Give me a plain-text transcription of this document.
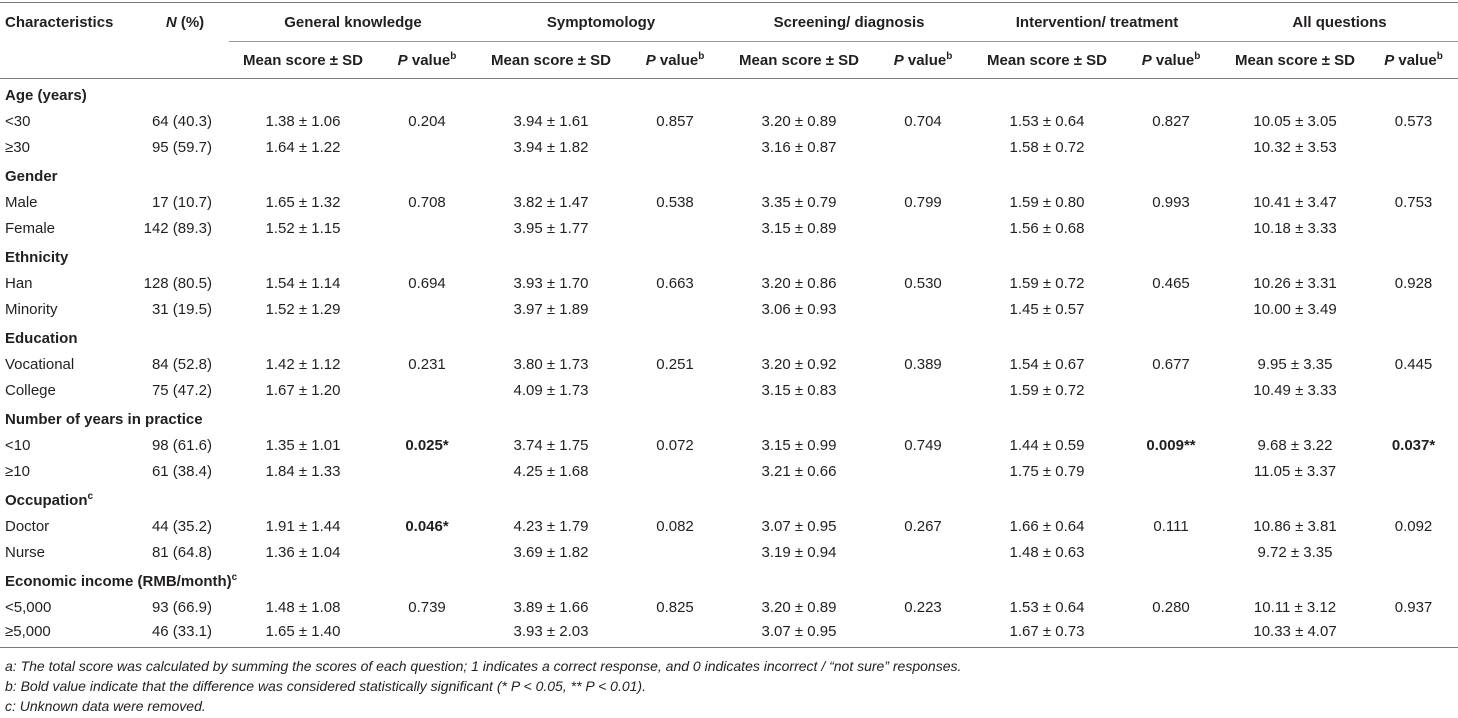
Characteristics	N (%)	General knowledge		Symptomology		Screening/ diagnosis		Intervention/ treatment		All questions	
		Mean score ± SD	P value$^b$	Mean score ± SD	P value$^b$	Mean score ± SD	P value$^b$	Mean score ± SD	P value$^b$	Mean score ± SD	P value$^b$
Age (years)											
<30	64 (40.3)	1.38 ± 1.06	0.204	3.94 ± 1.61	0.857	3.20 ± 0.89	0.704	1.53 ± 0.64	0.827	10.05 ± 3.05	0.573
≥30	95 (59.7)	1.64 ± 1.22		3.94 ± 1.82		3.16 ± 0.87		1.58 ± 0.72		10.32 ± 3.53	
Gender											
Male	17 (10.7)	1.65 ± 1.32	0.708	3.82 ± 1.47	0.538	3.35 ± 0.79	0.799	1.59 ± 0.80	0.993	10.41 ± 3.47	0.753
Female	142 (89.3)	1.52 ± 1.15		3.95 ± 1.77		3.15 ± 0.89		1.56 ± 0.68		10.18 ± 3.33	
Ethnicity											
Han	128 (80.5)	1.54 ± 1.14	0.694	3.93 ± 1.70	0.663	3.20 ± 0.86	0.530	1.59 ± 0.72	0.465	10.26 ± 3.31	0.928
Minority	31 (19.5)	1.52 ± 1.29		3.97 ± 1.89		3.06 ± 0.93		1.45 ± 0.57		10.00 ± 3.49	
Education											
Vocational	84 (52.8)	1.42 ± 1.12	0.231	3.80 ± 1.73	0.251	3.20 ± 0.92	0.389	1.54 ± 0.67	0.677	9.95 ± 3.35	0.445
College	75 (47.2)	1.67 ± 1.20		4.09 ± 1.73		3.15 ± 0.83		1.59 ± 0.72		10.49 ± 3.33	
Number of years in practice											
<10	98 (61.6)	1.35 ± 1.01	0.025*	3.74 ± 1.75	0.072	3.15 ± 0.99	0.749	1.44 ± 0.59	0.009**	9.68 ± 3.22	0.037*
≥10	61 (38.4)	1.84 ± 1.33		4.25 ± 1.68		3.21 ± 0.66		1.75 ± 0.79		11.05 ± 3.37	
Occupation$^c$
Doctor	44 (35.2)	1.91 ± 1.44	0.046*	4.23 ± 1.79	0.082	3.07 ± 0.95	0.267	1.66 ± 0.64	0.111	10.86 ± 3.81	0.092
Nurse	81 (64.8)	1.36 ± 1.04		3.69 ± 1.82		3.19 ± 0.94		1.48 ± 0.63		9.72 ± 3.35	
Economic income (RMB/month)$^c$
<5,000	93 (66.9)	1.48 ± 1.08	0.739	3.89 ± 1.66	0.825	3.20 ± 0.89	0.223	1.53 ± 0.64	0.280	10.11 ± 3.12	0.937
≥5,000	46 (33.1)	1.65 ± 1.40		3.93 ± 2.03		3.07 ± 0.95		1.67 ± 0.73		10.33 ± 4.07	
a: The total score was calculated by summing the scores of each question; 1 indicates a correct response, and 0 indicates incorrect / “not sure” responses.
b: Bold value indicate that the difference was considered statistically significant (* P < 0.05, ** P < 0.01).
c: Unknown data were removed.
